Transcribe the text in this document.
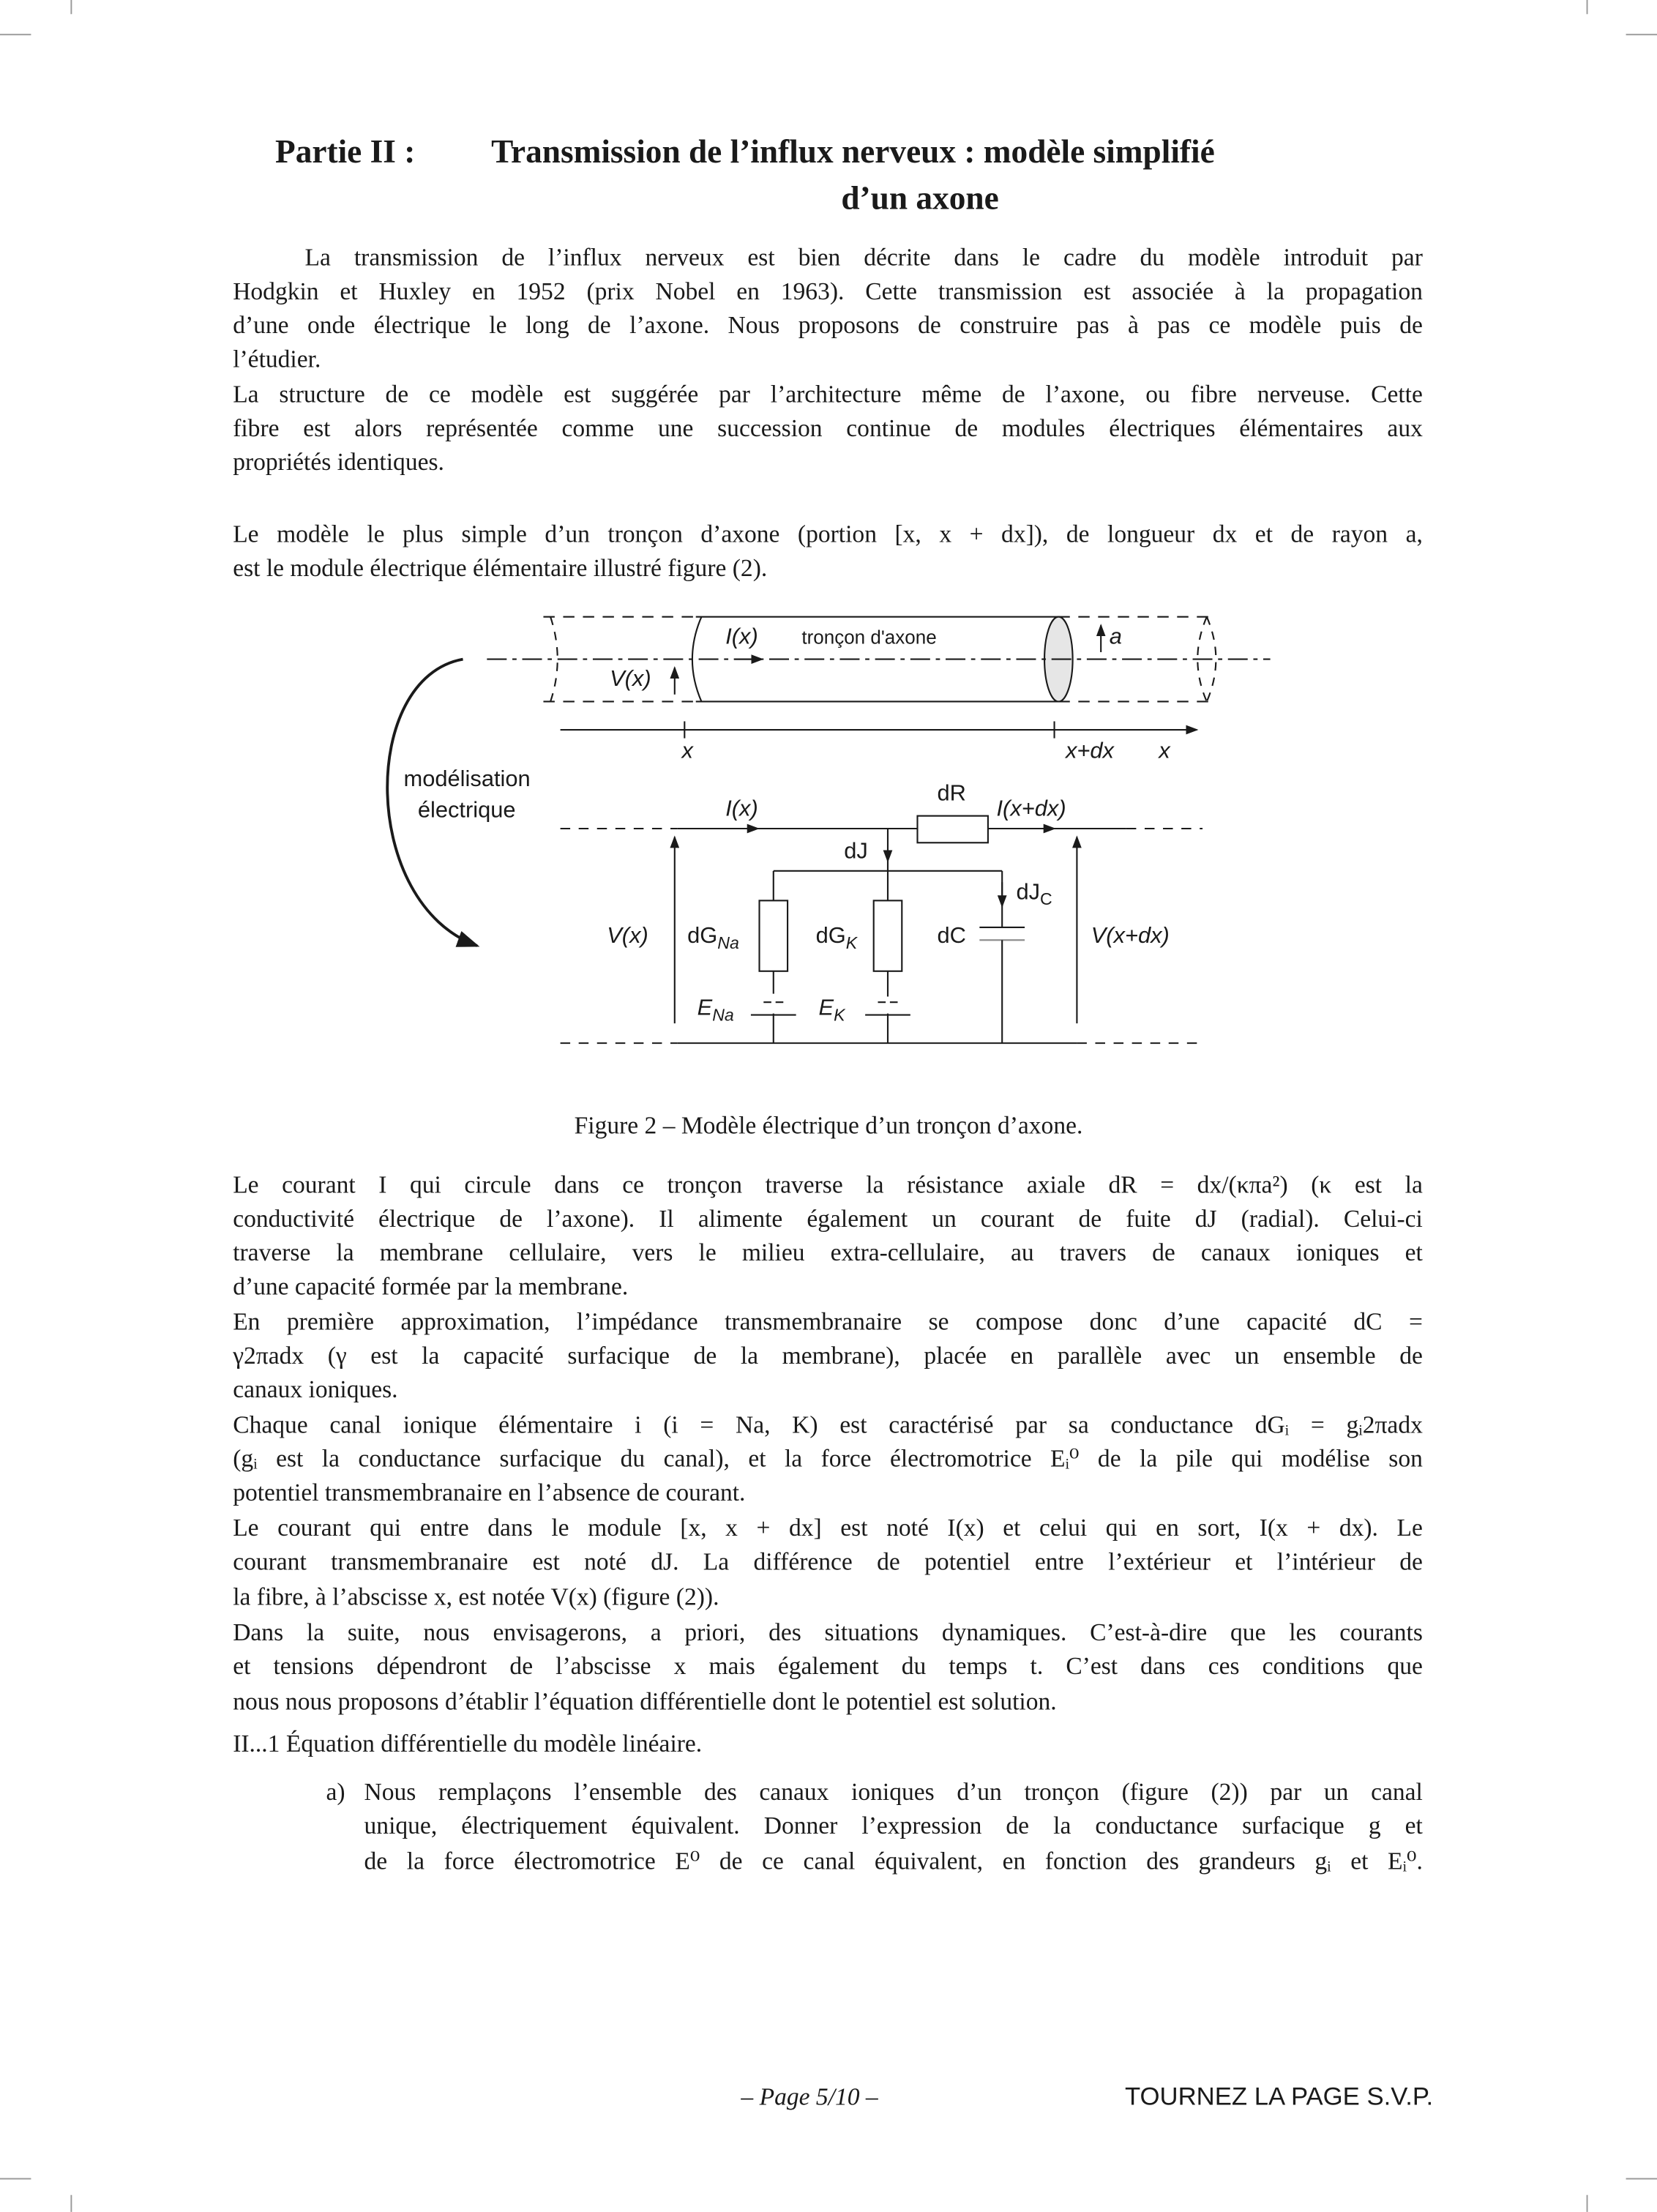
Partie II :	Transmission de l’influx nerveux : modèle simplifié
d’un axone
La transmission de l’influx nerveux est bien décrite dans le cadre du modèle introduit par
Hodgkin et Huxley en 1952 (prix Nobel en 1963). Cette transmission est associée à la propagation
d’une onde électrique le long de l’axone. Nous proposons de construire pas à pas ce modèle puis de
l’étudier.
La structure de ce modèle est suggérée par l’architecture même de l’axone, ou fibre nerveuse. Cette
fibre est alors représentée comme une succession continue de modules électriques élémentaires aux
propriétés identiques.
Le modèle le plus simple d’un tronçon d’axone (portion [x, x + dx]), de longueur dx et de rayon a,
est le module électrique élémentaire illustré figure (2).
I(x)	tronçon d'axone	a
V(x)
x	x+dx	x
modélisation
électrique	I(x)
dR
I(x+dx)
dJ
$dJ_C$
V(x)	$dG_{Na}$	$dG_K$	dC	V(x+dx)
$E_{Na}$	$E_K$
Figure 2 – Modèle électrique d’un tronçon d’axone.
Le courant I qui circule dans ce tronçon traverse la résistance axiale dR = dx/(κπa²) (κ est la
conductivité électrique de l’axone). Il alimente également un courant de fuite dJ (radial). Celui-ci
traverse la membrane cellulaire, vers le milieu extra-cellulaire, au travers de canaux ioniques et
d’une capacité formée par la membrane.
En première approximation, l’impédance transmembranaire se compose donc d’une capacité dC =
γ2πadx (γ est la capacité surfacique de la membrane), placée en parallèle avec un ensemble de
canaux ioniques.
Chaque canal ionique élémentaire i (i = Na, K) est caractérisé par sa conductance dGᵢ = gᵢ2πadx
(gᵢ est la conductance surfacique du canal), et la force électromotrice Eᵢ⁰ de la pile qui modélise son
potentiel transmembranaire en l’absence de courant.
Le courant qui entre dans le module [x, x + dx] est noté I(x) et celui qui en sort, I(x + dx). Le
courant transmembranaire est noté dJ. La différence de potentiel entre l’extérieur et l’intérieur de
la fibre, à l’abscisse x, est notée V(x) (figure (2)).
Dans la suite, nous envisagerons, a priori, des situations dynamiques. C’est-à-dire que les courants
et tensions dépendront de l’abscisse x mais également du temps t. C’est dans ces conditions que
nous nous proposons d’établir l’équation différentielle dont le potentiel est solution.
II...1 Équation différentielle du modèle linéaire.
a)	Nous remplaçons l’ensemble des canaux ioniques d’un tronçon (figure (2)) par un canal
unique, électriquement équivalent. Donner l’expression de la conductance surfacique g et
de la force électromotrice E⁰ de ce canal équivalent, en fonction des grandeurs gᵢ et Eᵢ⁰.
– Page 5/10 –	TOURNEZ LA PAGE S.V.P.
